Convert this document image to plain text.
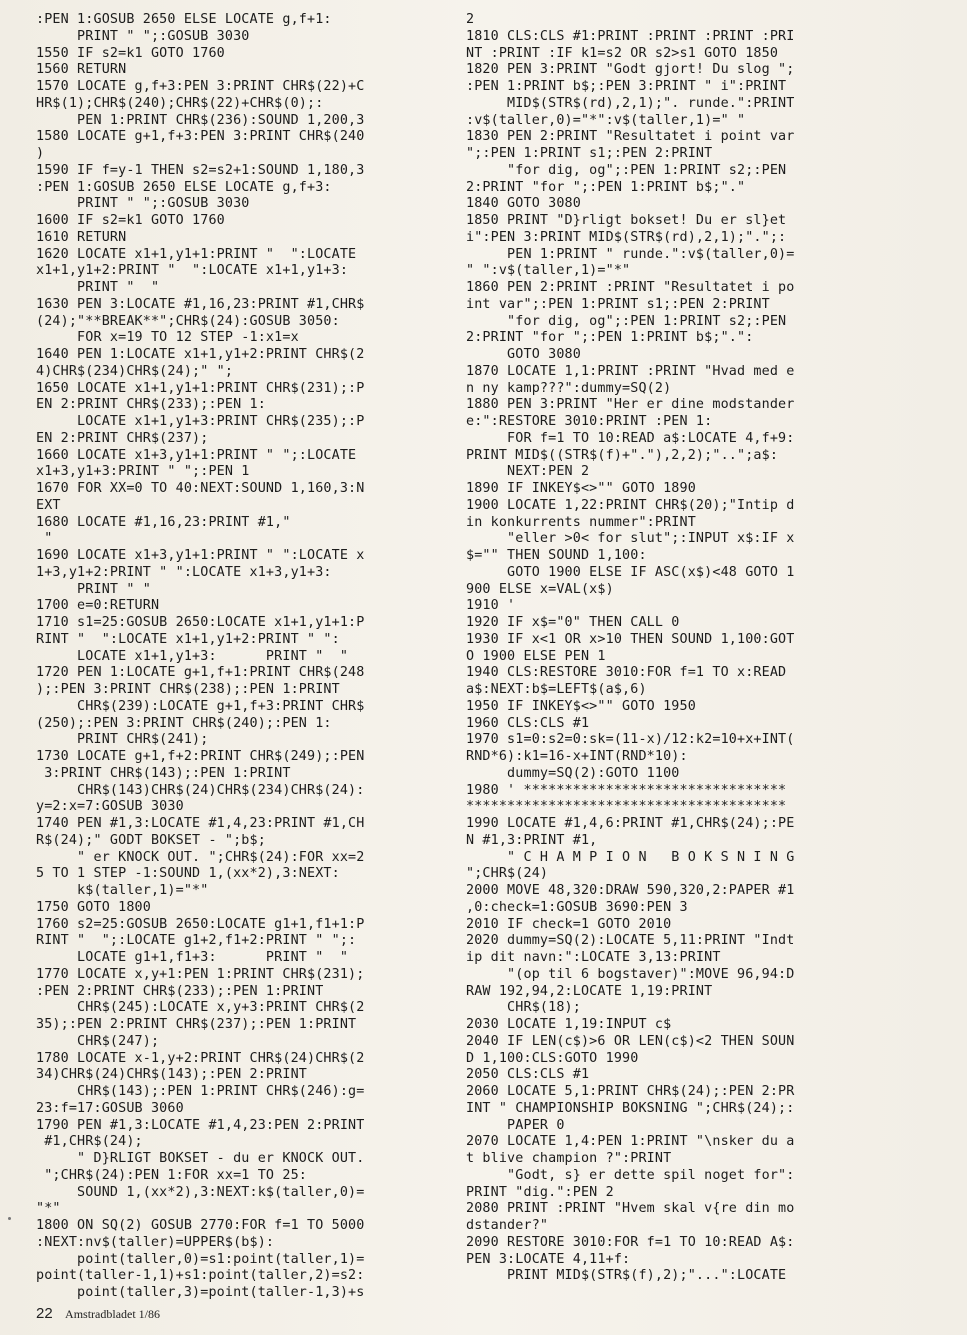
:PEN 1:GOSUB 2650 ELSE LOCATE g,f+1:
PRINT " ";:GOSUB 3030
1550 IF s2=k1 GOTO 1760
1560 RETURN
1570 LOCATE g,f+3:PEN 3:PRINT CHR$(22)+C
HR$(1);CHR$(240);CHR$(22)+CHR$(0);:
PEN 1:PRINT CHR$(236):SOUND 1,200,3
1580 LOCATE g+1,f+3:PEN 3:PRINT CHR$(240
)
1590 IF f=y-1 THEN s2=s2+1:SOUND 1,180,3
:PEN 1:GOSUB 2650 ELSE LOCATE g,f+3:
PRINT " ";:GOSUB 3030
1600 IF s2=k1 GOTO 1760
1610 RETURN
1620 LOCATE x1+1,y1+1:PRINT "  ":LOCATE
x1+1,y1+2:PRINT "  ":LOCATE x1+1,y1+3:
PRINT "  "
1630 PEN 3:LOCATE #1,16,23:PRINT #1,CHR$
(24);"**BREAK**";CHR$(24):GOSUB 3050:
FOR x=19 TO 12 STEP -1:x1=x
1640 PEN 1:LOCATE x1+1,y1+2:PRINT CHR$(2
4)CHR$(234)CHR$(24);" ";
1650 LOCATE x1+1,y1+1:PRINT CHR$(231);:P
EN 2:PRINT CHR$(233);:PEN 1:
LOCATE x1+1,y1+3:PRINT CHR$(235);:P
EN 2:PRINT CHR$(237);
1660 LOCATE x1+3,y1+1:PRINT " ";:LOCATE
x1+3,y1+3:PRINT " ";:PEN 1
1670 FOR XX=0 TO 40:NEXT:SOUND 1,160,3:N
EXT
1680 LOCATE #1,16,23:PRINT #1,"
"
1690 LOCATE x1+3,y1+1:PRINT " ":LOCATE x
1+3,y1+2:PRINT " ":LOCATE x1+3,y1+3:
PRINT " "
1700 e=0:RETURN
1710 s1=25:GOSUB 2650:LOCATE x1+1,y1+1:P
RINT "  ":LOCATE x1+1,y1+2:PRINT " ":
LOCATE x1+1,y1+3:      PRINT "  "
1720 PEN 1:LOCATE g+1,f+1:PRINT CHR$(248
);:PEN 3:PRINT CHR$(238);:PEN 1:PRINT
CHR$(239):LOCATE g+1,f+3:PRINT CHR$
(250);:PEN 3:PRINT CHR$(240);:PEN 1:
PRINT CHR$(241);
1730 LOCATE g+1,f+2:PRINT CHR$(249);:PEN
3:PRINT CHR$(143);:PEN 1:PRINT
CHR$(143)CHR$(24)CHR$(234)CHR$(24):
y=2:x=7:GOSUB 3030
1740 PEN #1,3:LOCATE #1,4,23:PRINT #1,CH
R$(24);" GODT BOKSET - ";b$;
" er KNOCK OUT. ";CHR$(24):FOR xx=2
5 TO 1 STEP -1:SOUND 1,(xx*2),3:NEXT:
k$(taller,1)="*"
1750 GOTO 1800
1760 s2=25:GOSUB 2650:LOCATE g1+1,f1+1:P
RINT "  ";:LOCATE g1+2,f1+2:PRINT " ";:
LOCATE g1+1,f1+3:      PRINT "  "
1770 LOCATE x,y+1:PEN 1:PRINT CHR$(231);
:PEN 2:PRINT CHR$(233);:PEN 1:PRINT
CHR$(245):LOCATE x,y+3:PRINT CHR$(2
35);:PEN 2:PRINT CHR$(237);:PEN 1:PRINT
CHR$(247);
1780 LOCATE x-1,y+2:PRINT CHR$(24)CHR$(2
34)CHR$(24)CHR$(143);:PEN 2:PRINT
CHR$(143);:PEN 1:PRINT CHR$(246):g=
23:f=17:GOSUB 3060
1790 PEN #1,3:LOCATE #1,4,23:PEN 2:PRINT
#1,CHR$(24);
" D}RLIGT BOKSET - du er KNOCK OUT.
";CHR$(24):PEN 1:FOR xx=1 TO 25:
SOUND 1,(xx*2),3:NEXT:k$(taller,0)=
"*"
1800 ON SQ(2) GOSUB 2770:FOR f=1 TO 5000
:NEXT:nv$(taller)=UPPER$(b$):
point(taller,0)=s1:point(taller,1)=
point(taller-1,1)+s1:point(taller,2)=s2:
point(taller,3)=point(taller-1,3)+s
2
1810 CLS:CLS #1:PRINT :PRINT :PRINT :PRI
NT :PRINT :IF k1=s2 OR s2>s1 GOTO 1850
1820 PEN 3:PRINT "Godt gjort! Du slog ";
:PEN 1:PRINT b$;:PEN 3:PRINT " i":PRINT
MID$(STR$(rd),2,1);". runde.":PRINT
:v$(taller,0)="*":v$(taller,1)=" "
1830 PEN 2:PRINT "Resultatet i point var
";:PEN 1:PRINT s1;:PEN 2:PRINT
"for dig, og";:PEN 1:PRINT s2;:PEN
2:PRINT "for ";:PEN 1:PRINT b$;"."
1840 GOTO 3080
1850 PRINT "D}rligt bokset! Du er sl}et
i":PEN 3:PRINT MID$(STR$(rd),2,1);".";:
PEN 1:PRINT " runde.":v$(taller,0)=
" ":v$(taller,1)="*"
1860 PEN 2:PRINT :PRINT "Resultatet i po
int var";:PEN 1:PRINT s1;:PEN 2:PRINT
"for dig, og";:PEN 1:PRINT s2;:PEN
2:PRINT "for ";:PEN 1:PRINT b$;".":
GOTO 3080
1870 LOCATE 1,1:PRINT :PRINT "Hvad med e
n ny kamp???":dummy=SQ(2)
1880 PEN 3:PRINT "Her er dine modstander
e:":RESTORE 3010:PRINT :PEN 1:
FOR f=1 TO 10:READ a$:LOCATE 4,f+9:
PRINT MID$((STR$(f)+"."),2,2);"..";a$:
NEXT:PEN 2
1890 IF INKEY$<>"" GOTO 1890
1900 LOCATE 1,22:PRINT CHR$(20);"Intip d
in konkurrents nummer":PRINT
"eller >0< for slut";:INPUT x$:IF x
$="" THEN SOUND 1,100:
GOTO 1900 ELSE IF ASC(x$)<48 GOTO 1
900 ELSE x=VAL(x$)
1910 '
1920 IF x$="0" THEN CALL 0
1930 IF x<1 OR x>10 THEN SOUND 1,100:GOT
O 1900 ELSE PEN 1
1940 CLS:RESTORE 3010:FOR f=1 TO x:READ
a$:NEXT:b$=LEFT$(a$,6)
1950 IF INKEY$<>"" GOTO 1950
1960 CLS:CLS #1
1970 s1=0:s2=0:sk=(11-x)/12:k2=10+x+INT(
RND*6):k1=16-x+INT(RND*10):
dummy=SQ(2):GOTO 1100
1980 ' ********************************
***************************************
1990 LOCATE #1,4,6:PRINT #1,CHR$(24);:PE
N #1,3:PRINT #1,
" C H A M P I O N   B O K S N I N G
";CHR$(24)
2000 MOVE 48,320:DRAW 590,320,2:PAPER #1
,0:check=1:GOSUB 3690:PEN 3
2010 IF check=1 GOTO 2010
2020 dummy=SQ(2):LOCATE 5,11:PRINT "Indt
ip dit navn:":LOCATE 3,13:PRINT
"(op til 6 bogstaver)":MOVE 96,94:D
RAW 192,94,2:LOCATE 1,19:PRINT
CHR$(18);
2030 LOCATE 1,19:INPUT c$
2040 IF LEN(c$)>6 OR LEN(c$)<2 THEN SOUN
D 1,100:CLS:GOTO 1990
2050 CLS:CLS #1
2060 LOCATE 5,1:PRINT CHR$(24);:PEN 2:PR
INT " CHAMPIONSHIP BOKSNING ";CHR$(24);:
PAPER 0
2070 LOCATE 1,4:PEN 1:PRINT "\nsker du a
t blive champion ?":PRINT
"Godt, s} er dette spil noget for":
PRINT "dig.":PEN 2
2080 PRINT :PRINT "Hvem skal v{re din mo
dstander?"
2090 RESTORE 3010:FOR f=1 TO 10:READ A$:
PEN 3:LOCATE 4,11+f:
PRINT MID$(STR$(f),2);"...":LOCATE
22 Amstradbladet 1/86
